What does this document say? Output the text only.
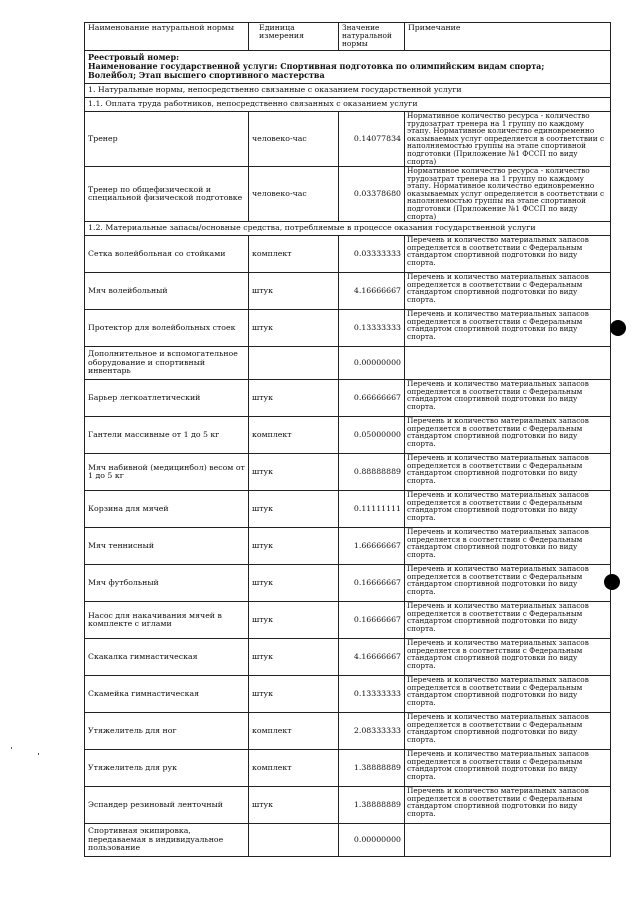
Наименование натуральной нормы	Единица измерения	Значение натуральной нормы	Примечание

Реестровый номер:
Наименование государственной услуги: Спортивная подготовка по олимпийским видам спорта;
Волейбол; Этап высшего спортивного мастерства			

1. Натуральные нормы, непосредственно связанные с оказанием государственной услуги			
1.1. Оплата труда работников, непосредственно связанных с оказанием услуги			
Тренер	человеко-час	0.14077834	Нормативное количество ресурса - количество трудозатрат тренера на 1 группу по каждому этапу. Нормативное количество единовременно оказываемых услуг определяется в соответствии с наполняемостью группы на этапе спортивной подготовки (Приложение №1 ФССП по виду спорта)
Тренер по общефизической и специальной физической подготовке	человеко-час	0.03378680	Нормативное количество ресурса - количество трудозатрат тренера на 1 группу по каждому этапу. Нормативное количество единовременно оказываемых услуг определяется в соответствии с наполняемостью группы на этапе спортивной подготовки (Приложение №1 ФССП по виду спорта)
1.2. Материальные запасы/основные средства, потребляемые в процессе оказания государственной услуги			
Сетка волейбольная со стойками	комплект	0.03333333	Перечень и количество материальных запасов определяется в соответствии с Федеральным стандартом спортивной подготовки по виду спорта.
Мяч волейбольный	штук	4.16666667	Перечень и количество материальных запасов определяется в соответствии с Федеральным стандартом спортивной подготовки по виду спорта.
Протектор для волейбольных стоек	штук	0.13333333	Перечень и количество материальных запасов определяется в соответствии с Федеральным стандартом спортивной подготовки по виду спорта.
Дополнительное и вспомогательное оборудование и спортивный инвентарь		0.00000000	
Барьер легкоатлетический	штук	0.66666667	Перечень и количество материальных запасов определяется в соответствии с Федеральным стандартом спортивной подготовки по виду спорта.
Гантели массивные от 1 до 5 кг	комплект	0.05000000	Перечень и количество материальных запасов определяется в соответствии с Федеральным стандартом спортивной подготовки по виду спорта.
Мяч набивной (медицинбол) весом от 1 до 5 кг	штук	0.88888889	Перечень и количество материальных запасов определяется в соответствии с Федеральным стандартом спортивной подготовки по виду спорта.
Корзина для мячей	штук	0.11111111	Перечень и количество материальных запасов определяется в соответствии с Федеральным стандартом спортивной подготовки по виду спорта.
Мяч теннисный	штук	1.66666667	Перечень и количество материальных запасов определяется в соответствии с Федеральным стандартом спортивной подготовки по виду спорта.
Мяч футбольный	штук	0.16666667	Перечень и количество материальных запасов определяется в соответствии с Федеральным стандартом спортивной подготовки по виду спорта.
Насос для накачивания мячей в комплекте с иглами	штук	0.16666667	Перечень и количество материальных запасов определяется в соответствии с Федеральным стандартом спортивной подготовки по виду спорта.
Скакалка гимнастическая	штук	4.16666667	Перечень и количество материальных запасов определяется в соответствии с Федеральным стандартом спортивной подготовки по виду спорта.
Скамейка гимнастическая	штук	0.13333333	Перечень и количество материальных запасов определяется в соответствии с Федеральным стандартом спортивной подготовки по виду спорта.
Утяжелитель для ног	комплект	2.08333333	Перечень и количество материальных запасов определяется в соответствии с Федеральным стандартом спортивной подготовки по виду спорта.
Утяжелитель для рук	комплект	1.38888889	Перечень и количество материальных запасов определяется в соответствии с Федеральным стандартом спортивной подготовки по виду спорта.
Эспандер резиновый ленточный	штук	1.38888889	Перечень и количество материальных запасов определяется в соответствии с Федеральным стандартом спортивной подготовки по виду спорта.
Спортивная экипировка, передаваемая в индивидуальное пользование		0.00000000	
